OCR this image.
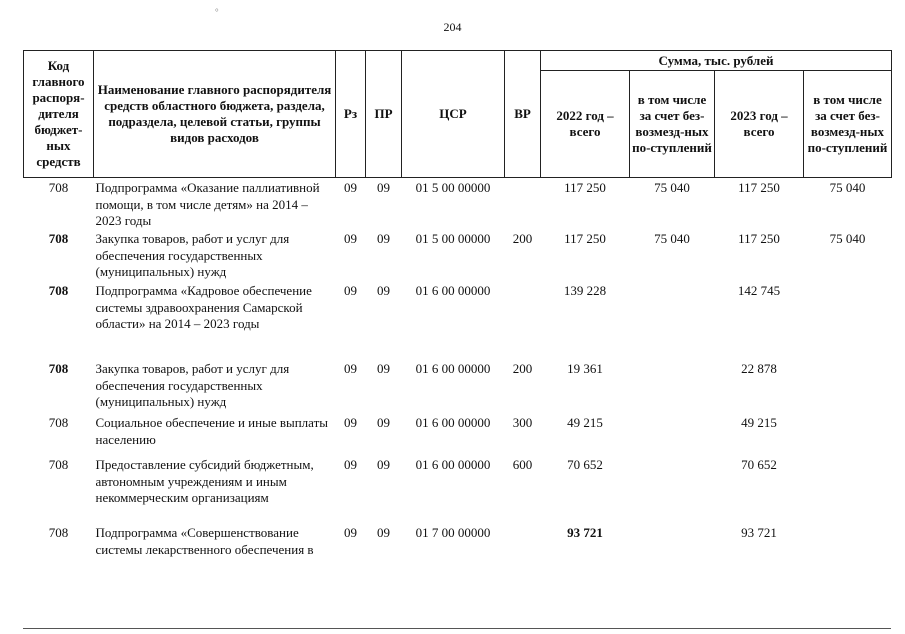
°
204
Код главного распоря-дителя бюджет-ных средств	Наименование главного распорядителя средств областного бюджета, раздела, подраздела, целевой статьи, группы видов расходов	Рз	ПР	ЦСР	ВР	Сумма, тыс. рублей			
						2022 год – всего	в том числе за счет без-возмезд-ных по-ступлений	2023 год – всего	в том числе за счет без-возмезд-ных по-ступлений
708	Подпрограмма «Оказание паллиативной помощи, в том числе детям» на 2014 – 2023 годы	09	09	01 5 00 00000		117 250	75 040	117 250	75 040
708	Закупка товаров, работ и услуг для обеспечения государственных (муниципальных) нужд	09	09	01 5 00 00000	200	117 250	75 040	117 250	75 040
708	Подпрограмма «Кадровое обеспечение системы здравоохранения Самарской области» на 2014 – 2023 годы	09	09	01 6 00 00000		139 228		142 745	
708	Закупка товаров, работ и услуг для обеспечения государственных (муниципальных) нужд	09	09	01 6 00 00000	200	19 361		22 878	
708	Социальное обеспечение и иные выплаты населению	09	09	01 6 00 00000	300	49 215		49 215	
708	Предоставление субсидий бюджетным, автономным учреждениям и иным некоммерческим организациям	09	09	01 6 00 00000	600	70 652		70 652	
708	Подпрограмма «Совершенствование системы лекарственного обеспечения в	09	09	01 7 00 00000		93 721		93 721	
